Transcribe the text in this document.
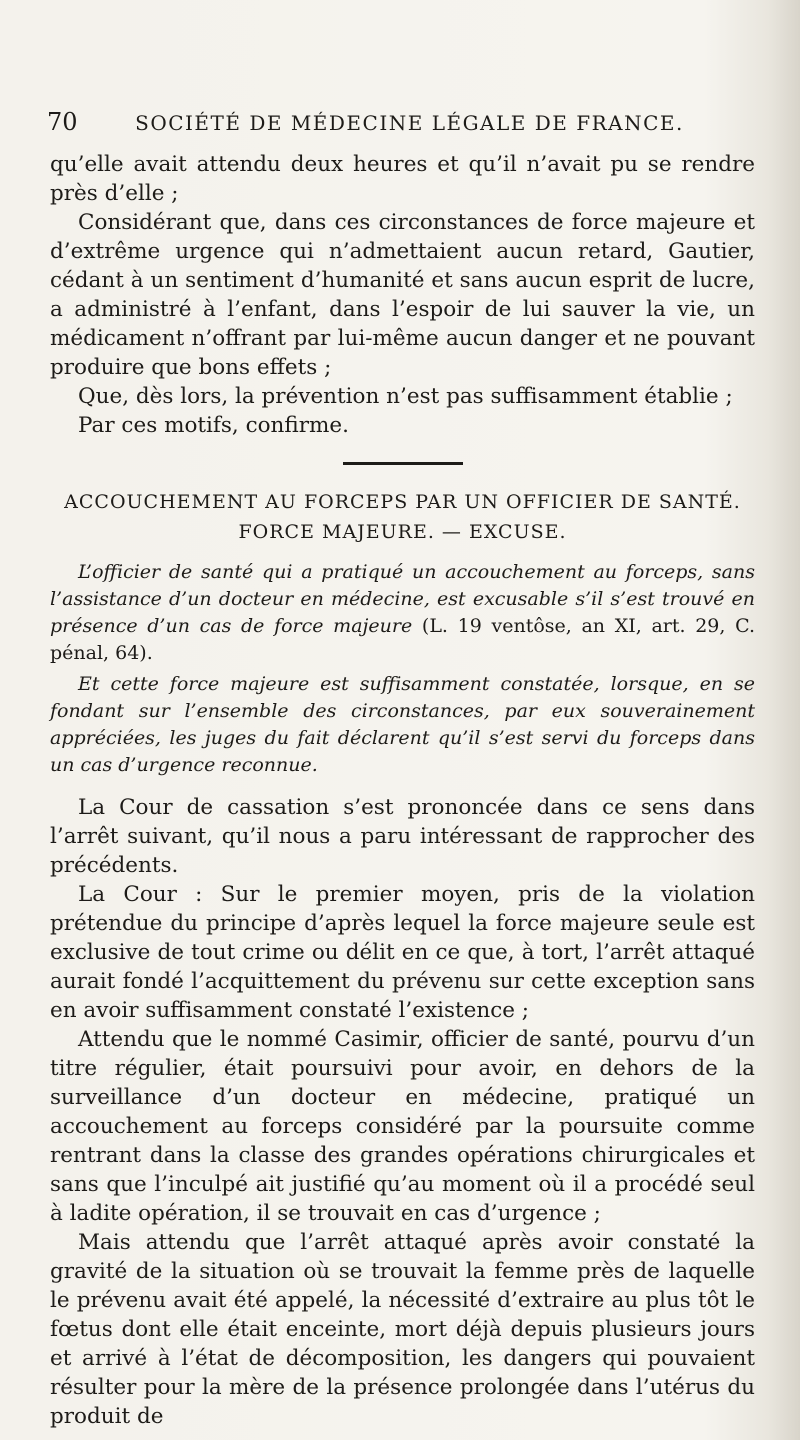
70	SOCIÉTÉ DE MÉDECINE LÉGALE DE FRANCE.

qu’elle avait attendu deux heures et qu’il n’avait pu se rendre près d’elle ;

Considérant que, dans ces circonstances de force majeure et d’extrême urgence qui n’admettaient aucun retard, Gautier, cédant à un sentiment d’humanité et sans aucun esprit de lucre, a administré à l’enfant, dans l’espoir de lui sauver la vie, un médicament n’offrant par lui-même aucun danger et ne pouvant produire que bons effets ;

Que, dès lors, la prévention n’est pas suffisamment établie ;

Par ces motifs, confirme.

ACCOUCHEMENT AU FORCEPS PAR UN OFFICIER DE SANTÉ.
FORCE MAJEURE. — EXCUSE.

L’officier de santé qui a pratiqué un accouchement au forceps, sans l’assistance d’un docteur en médecine, est excusable s’il s’est trouvé en présence d’un cas de force majeure (L. 19 ventôse, an XI, art. 29, C. pénal, 64).

Et cette force majeure est suffisamment constatée, lorsque, en se fondant sur l’ensemble des circonstances, par eux souverainement appréciées, les juges du fait déclarent qu’il s’est servi du forceps dans un cas d’urgence reconnue.

La Cour de cassation s’est prononcée dans ce sens dans l’arrêt suivant, qu’il nous a paru intéressant de rapprocher des précédents.

La Cour : Sur le premier moyen, pris de la violation prétendue du principe d’après lequel la force majeure seule est exclusive de tout crime ou délit en ce que, à tort, l’arrêt attaqué aurait fondé l’acquittement du prévenu sur cette exception sans en avoir suffisamment constaté l’existence ;

Attendu que le nommé Casimir, officier de santé, pourvu d’un titre régulier, était poursuivi pour avoir, en dehors de la surveillance d’un docteur en médecine, pratiqué un accouchement au forceps considéré par la poursuite comme rentrant dans la classe des grandes opérations chirurgicales et sans que l’inculpé ait justifié qu’au moment où il a procédé seul à ladite opération, il se trouvait en cas d’urgence ;

Mais attendu que l’arrêt attaqué après avoir constaté la gravité de la situation où se trouvait la femme près de laquelle le prévenu avait été appelé, la nécessité d’extraire au plus tôt le fœtus dont elle était enceinte, mort déjà depuis plusieurs jours et arrivé à l’état de décomposition, les dangers qui pouvaient résulter pour la mère de la présence prolongée dans l’utérus du produit de
